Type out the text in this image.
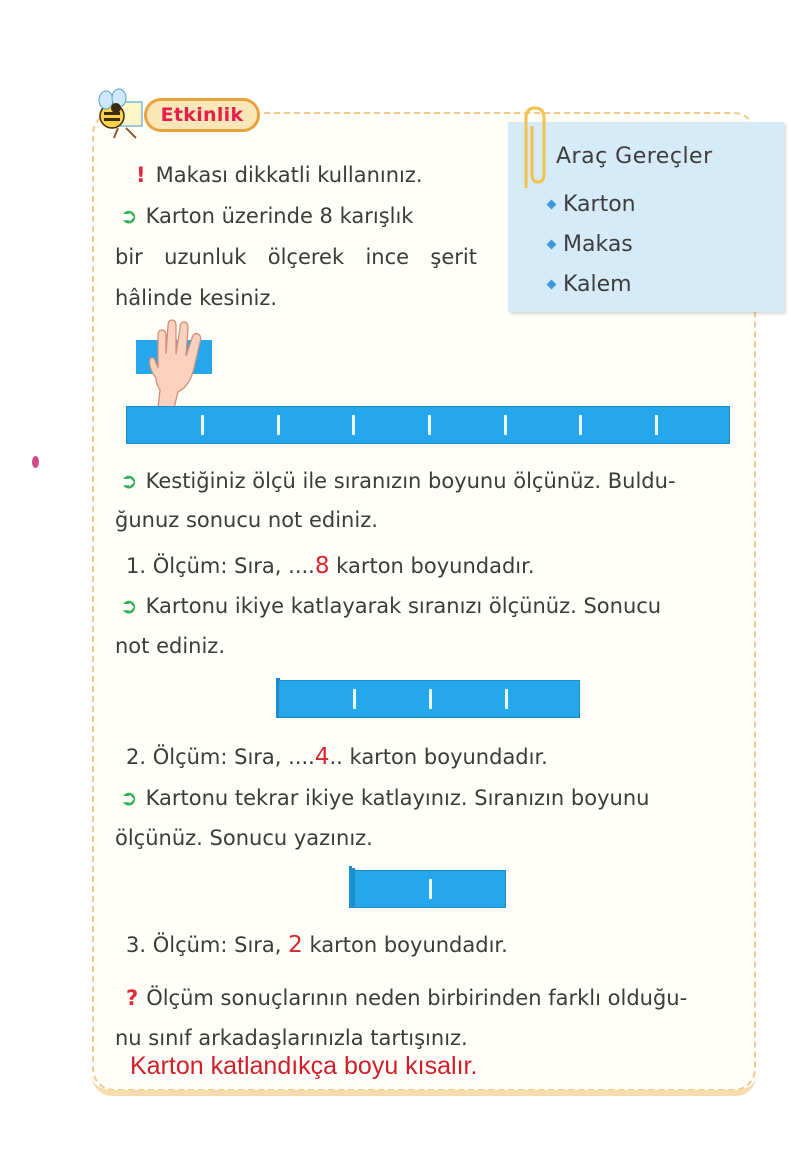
Etkinlik
Araç Gereçler
Karton
Makas
Kalem
! Makası dikkatli kullanınız.
➲ Karton üzerinde 8 karışlık
bir uzunluk ölçerek ince şerit
hâlinde kesiniz.
➲ Kestiğiniz ölçü ile sıranızın boyunu ölçünüz. Buldu-
ğunuz sonucu not ediniz.
1. Ölçüm: Sıra, ....8 karton boyundadır.
➲ Kartonu ikiye katlayarak sıranızı ölçünüz. Sonucu
not ediniz.
2. Ölçüm: Sıra, ....4.. karton boyundadır.
➲ Kartonu tekrar ikiye katlayınız. Sıranızın boyunu
ölçünüz. Sonucu yazınız.
3. Ölçüm: Sıra, 2 karton boyundadır.
? Ölçüm sonuçlarının neden birbirinden farklı olduğu-
nu sınıf arkadaşlarınızla tartışınız.
Karton katlandıkça boyu kısalır.
